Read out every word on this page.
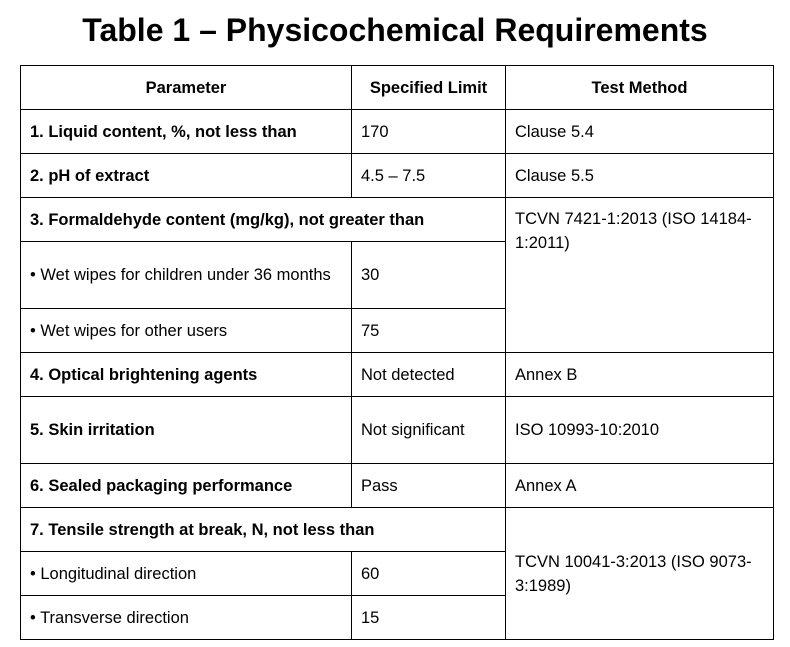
Table 1 – Physicochemical Requirements
Parameter	Specified Limit	Test Method
1. Liquid content, %, not less than	170	Clause 5.4
2. pH of extract	4.5 – 7.5	Clause 5.5
3. Formaldehyde content (mg/kg), not greater than		TCVN 7421-1:2013 (ISO 14184-1:2011)
• Wet wipes for children under 36 months	30	
• Wet wipes for other users	75	
4. Optical brightening agents	Not detected	Annex B
5. Skin irritation	Not significant	ISO 10993-10:2010
6. Sealed packaging performance	Pass	Annex A
7. Tensile strength at break, N, not less than		TCVN 10041-3:2013 (ISO 9073-3:1989)
• Longitudinal direction	60	
• Transverse direction	15	
